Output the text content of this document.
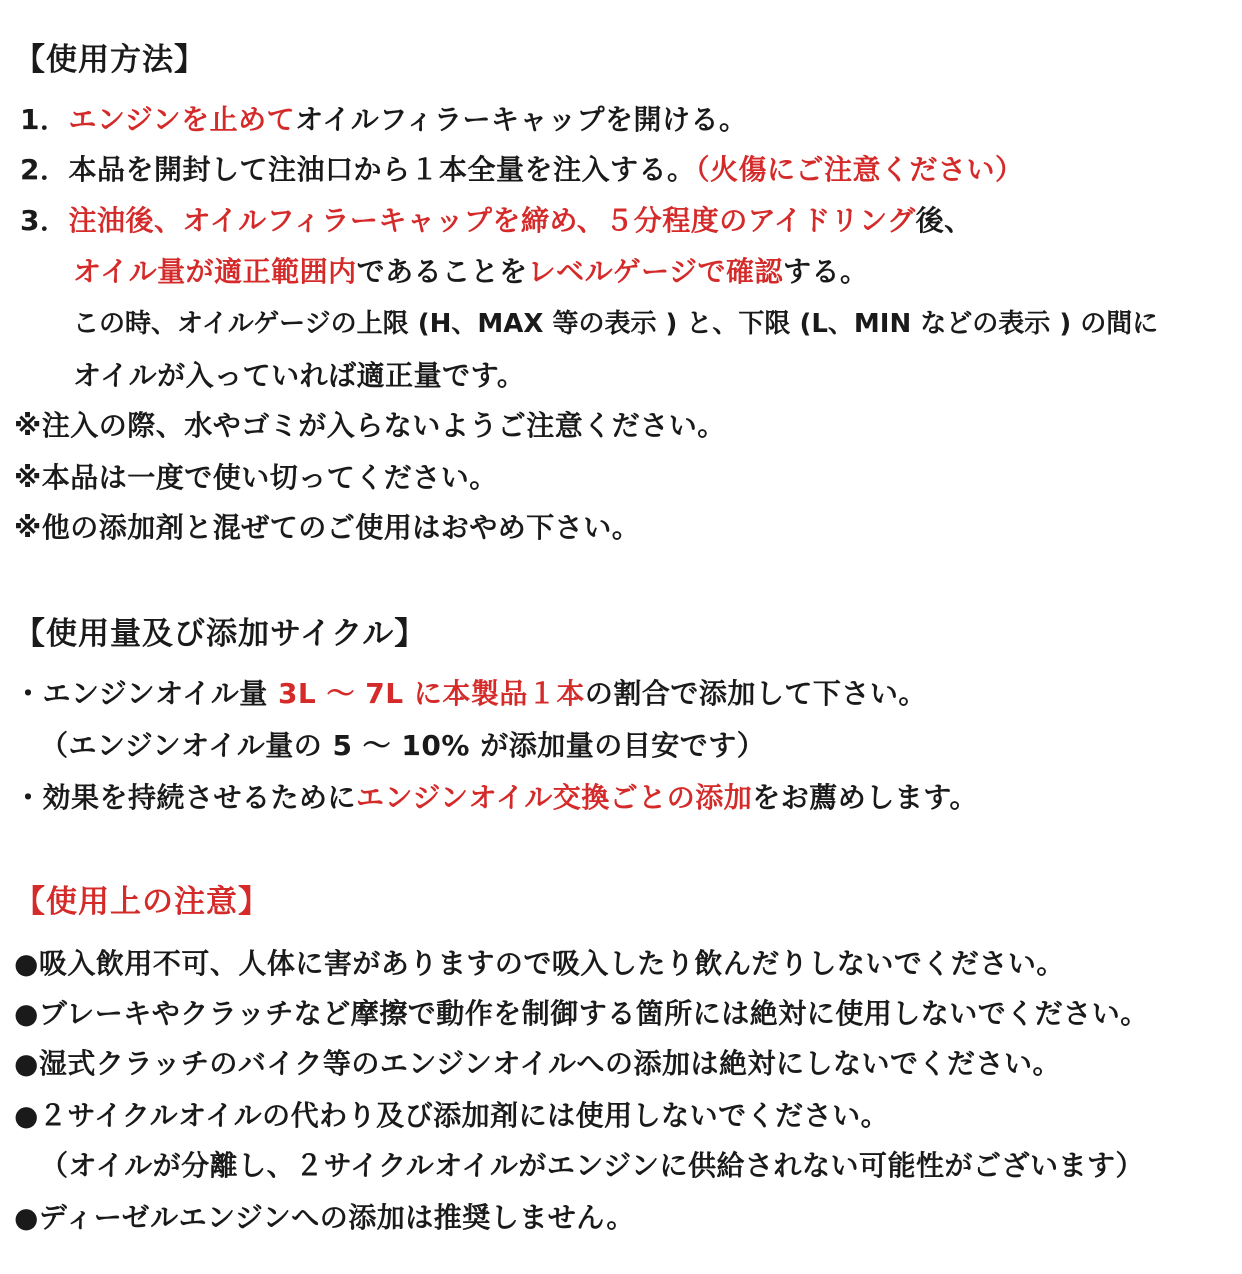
【使用方法】
1．エンジンを止めてオイルフィラーキャップを開ける。
2．本品を開封して注油口から１本全量を注入する。（火傷にご注意ください）
3．注油後、オイルフィラーキャップを締め、５分程度のアイドリング後、
オイル量が適正範囲内であることをレベルゲージで確認する。
この時、オイルゲージの上限 (H、MAX 等の表示 ) と、下限 (L、MIN などの表示 ) の間に
オイルが入っていれば適正量です。
※注入の際、水やゴミが入らないようご注意ください。
※本品は一度で使い切ってください。
※他の添加剤と混ぜてのご使用はおやめ下さい。
【使用量及び添加サイクル】
・エンジンオイル量 3L ～ 7L に本製品１本の割合で添加して下さい。
（エンジンオイル量の 5 ～ 10% が添加量の目安です）
・効果を持続させるためにエンジンオイル交換ごとの添加をお薦めします。
【使用上の注意】
●吸入飲用不可、人体に害がありますので吸入したり飲んだりしないでください。
●ブレーキやクラッチなど摩擦で動作を制御する箇所には絶対に使用しないでください。
●湿式クラッチのバイク等のエンジンオイルへの添加は絶対にしないでください。
●２サイクルオイルの代わり及び添加剤には使用しないでください。
（オイルが分離し、２サイクルオイルがエンジンに供給されない可能性がございます）
●ディーゼルエンジンへの添加は推奨しません。
